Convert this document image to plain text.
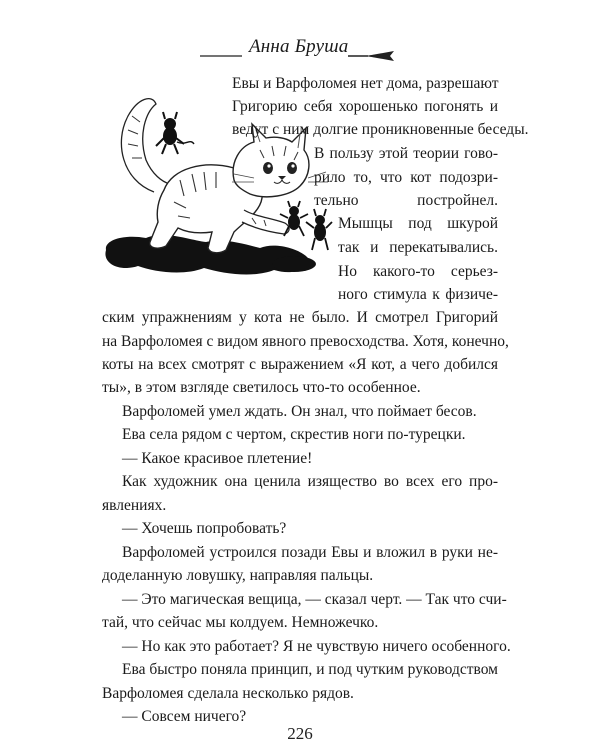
Анна Бруша
Евы и Варфоломея нет дома, разрешают
Григорию себя хорошенько погонять и
ведут с ним долгие проникновенные беседы.
В пользу этой теории гово-
рило то, что кот подозри-
тельно постройнел.
Мышцы под шкурой
так и перекатывались.
Но какого-то серьез-
ного стимула к физиче-
ским упражнениям у кота не было. И смотрел Григорий
на Варфоломея с видом явного превосходства. Хотя, конечно,
коты на всех смотрят с выражением «Я кот, а чего добился
ты», в этом взгляде светилось что-то особенное.
Варфоломей умел ждать. Он знал, что поймает бесов.
Ева села рядом с чертом, скрестив ноги по-турецки.
— Какое красивое плетение!
Как художник она ценила изящество во всех его про-
явлениях.
— Хочешь попробовать?
Варфоломей устроился позади Евы и вложил в руки не-
доделанную ловушку, направляя пальцы.
— Это магическая вещица, — сказал черт. — Так что счи-
тай, что сейчас мы колдуем. Немножечко.
— Но как это работает? Я не чувствую ничего особенного.
Ева быстро поняла принцип, и под чутким руководством
Варфоломея сделала несколько рядов.
— Совсем ничего?
226
